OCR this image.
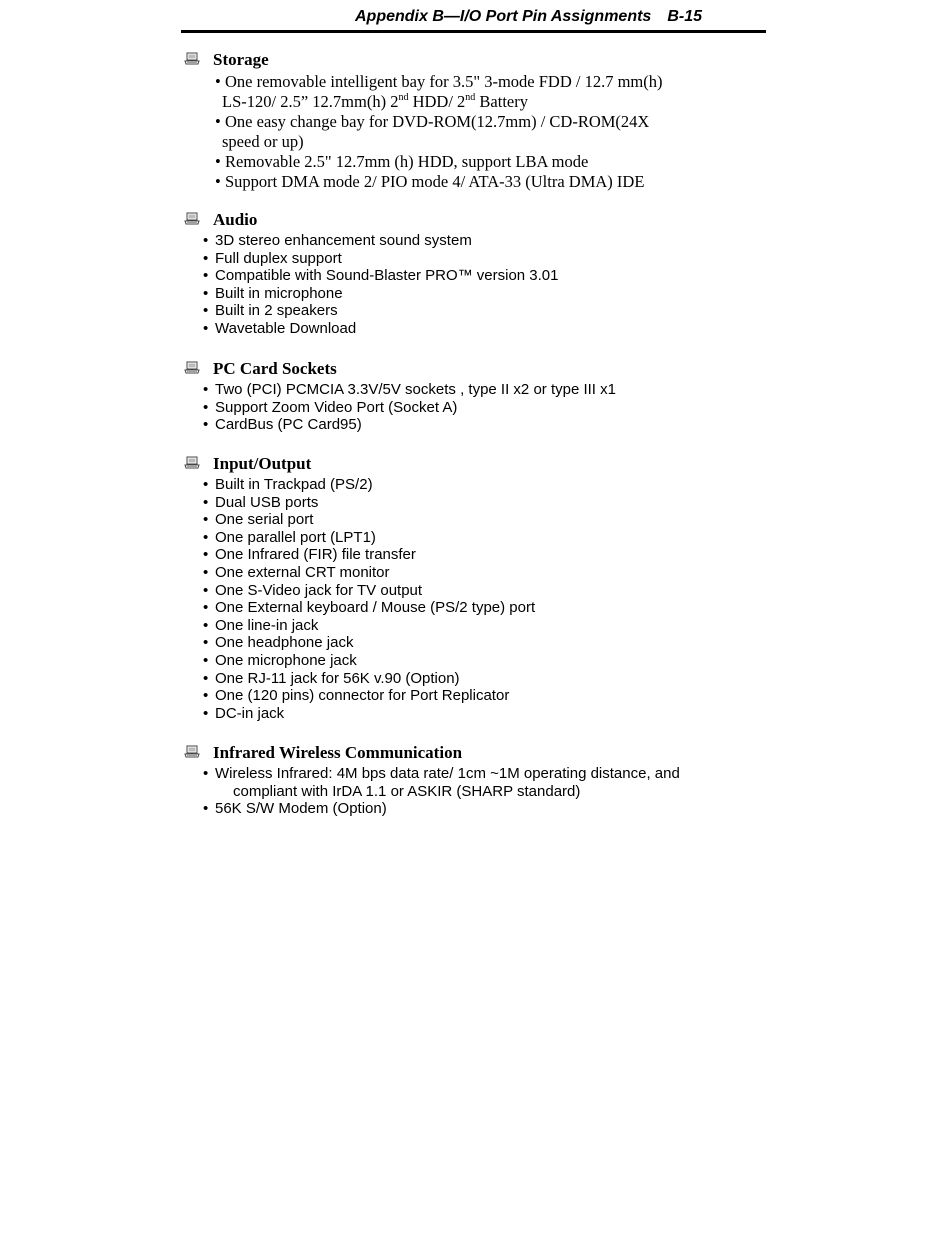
Appendix B—I/O Port Pin Assignments B-15
Storage
• One removable intelligent bay for 3.5" 3-mode FDD / 12.7 mm(h)
LS-120/ 2.5” 12.7mm(h) 2nd HDD/ 2nd Battery
• One easy change bay for DVD-ROM(12.7mm) / CD-ROM(24X
speed or up)
• Removable 2.5" 12.7mm (h) HDD, support LBA mode
• Support DMA mode 2/ PIO mode 4/ ATA-33 (Ultra DMA) IDE
Audio
• 3D stereo enhancement sound system
• Full duplex support
• Compatible with Sound-Blaster PRO™ version 3.01
• Built in microphone
• Built in 2 speakers
• Wavetable Download
PC Card Sockets
• Two (PCI) PCMCIA 3.3V/5V sockets , type II x2 or type III x1
• Support Zoom Video Port (Socket A)
• CardBus (PC Card95)
Input/Output
• Built in Trackpad (PS/2)
• Dual USB ports
• One serial port
• One parallel port (LPT1)
• One Infrared (FIR) file transfer
• One external CRT monitor
• One S-Video jack for TV output
• One External keyboard / Mouse (PS/2 type) port
• One line-in jack
• One headphone jack
• One microphone jack
• One RJ-11 jack for 56K v.90 (Option)
• One (120 pins) connector for Port Replicator
• DC-in jack
Infrared Wireless Communication
• Wireless Infrared: 4M bps data rate/ 1cm ~1M operating distance, and
compliant with IrDA 1.1 or ASKIR (SHARP standard)
• 56K S/W Modem (Option)
